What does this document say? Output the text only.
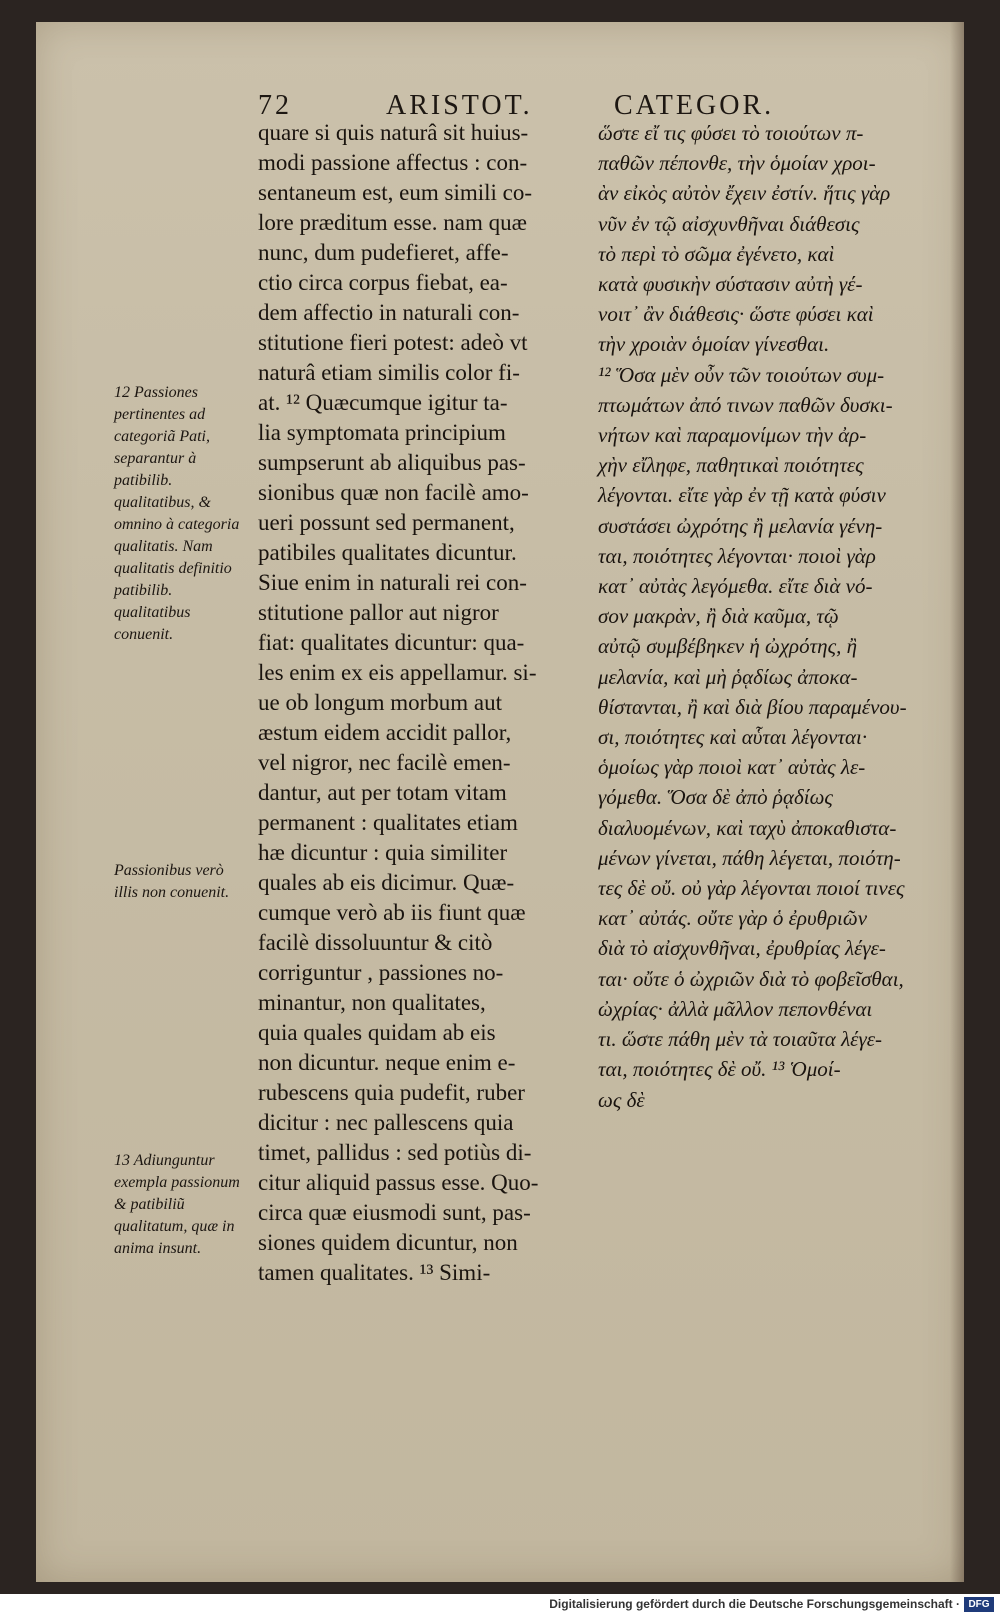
72	ARISTOT.	CATEGOR.
12 Passiones pertinentes ad categoriã Pati, separantur à patibilib. qualitatibus, & omnino à categoria qualitatis. Nam qualitatis definitio patibilib. qualitatibus conuenit.
Passionibus verò illis non conuenit.
13 Adiunguntur exempla passionum & patibiliũ qualitatum, quæ in anima insunt.
quare si quis naturâ sit huius-
modi passione affectus : con-
sentaneum est, eum simili co-
lore præditum esse. nam quæ
nunc, dum pudefieret, affe-
ctio circa corpus fiebat, ea-
dem affectio in naturali con-
stitutione fieri potest: adeò vt
naturâ etiam similis color fi-
at. ¹² Quæcumque igitur ta-
lia symptomata principium
sumpserunt ab aliquibus pas-
sionibus quæ non facilè amo-
ueri possunt sed permanent,
patibiles qualitates dicuntur.
Siue enim in naturali rei con-
stitutione pallor aut nigror
fiat: qualitates dicuntur: qua-
les enim ex eis appellamur. si-
ue ob longum morbum aut
æstum eidem accidit pallor,
vel nigror, nec facilè emen-
dantur, aut per totam vitam
permanent : qualitates etiam
hæ dicuntur : quia similiter
quales ab eis dicimur. Quæ-
cumque verò ab iis fiunt quæ
facilè dissoluuntur & citò
corriguntur , passiones no-
minantur, non qualitates,
quia quales quidam ab eis
non dicuntur. neque enim e-
rubescens quia pudefit, ruber
dicitur : nec pallescens quia
timet, pallidus : sed potiùs di-
citur aliquid passus esse. Quo-
circa quæ eiusmodi sunt, pas-
siones quidem dicuntur, non
tamen qualitates. ¹³ Simi-
ὥστε εἴ τις φύσει τὸ τοιούτων π-
παθῶν πέπονθε, τὴν ὁμοίαν χροι-
ὰν εἰκὸς αὐτὸν ἔχειν ἐστίν. ἥτις γὰρ
νῦν ἐν τῷ αἰσχυνθῆναι διάθεσις
τὸ περὶ τὸ σῶμα ἐγένετο, καὶ
κατὰ φυσικὴν σύστασιν αὐτὴ γέ-
νοιτ᾽ ἂν διάθεσις· ὥστε φύσει καὶ
τὴν χροιὰν ὁμοίαν γίνεσθαι.
¹² Ὅσα μὲν οὖν τῶν τοιούτων συμ-
πτωμάτων ἀπό τινων παθῶν δυσκι-
νήτων καὶ παραμονίμων τὴν ἀρ-
χὴν εἴληφε, παθητικαὶ ποιότητες
λέγονται. εἴτε γὰρ ἐν τῇ κατὰ φύσιν
συστάσει ὠχρότης ἢ μελανία γένη-
ται, ποιότητες λέγονται· ποιοὶ γὰρ
κατ᾽ αὐτὰς λεγόμεθα. εἴτε διὰ νό-
σον μακρὰν, ἢ διὰ καῦμα, τῷ
αὐτῷ συμβέβηκεν ἡ ὠχρότης, ἢ
μελανία, καὶ μὴ ῥᾳδίως ἀποκα-
θίστανται, ἢ καὶ διὰ βίου παραμένου-
σι, ποιότητες καὶ αὗται λέγονται·
ὁμοίως γὰρ ποιοὶ κατ᾽ αὐτὰς λε-
γόμεθα. Ὅσα δὲ ἀπὸ ῥᾳδίως
διαλυομένων, καὶ ταχὺ ἀποκαθιστα-
μένων γίνεται, πάθη λέγεται, ποιότη-
τες δὲ οὔ. οὐ γὰρ λέγονται ποιοί τινες
κατ᾽ αὐτάς. οὔτε γὰρ ὁ ἐρυθριῶν
διὰ τὸ αἰσχυνθῆναι, ἐρυθρίας λέγε-
ται· οὔτε ὁ ὠχριῶν διὰ τὸ φοβεῖσθαι,
ὠχρίας· ἀλλὰ μᾶλλον πεπονθέναι
τι. ὥστε πάθη μὲν τὰ τοιαῦτα λέγε-
ται, ποιότητες δὲ οὔ. ¹³ Ὁμοί-
ως δὲ
Digitalisierung gefördert durch die Deutsche Forschungsgemeinschaft · DFG
